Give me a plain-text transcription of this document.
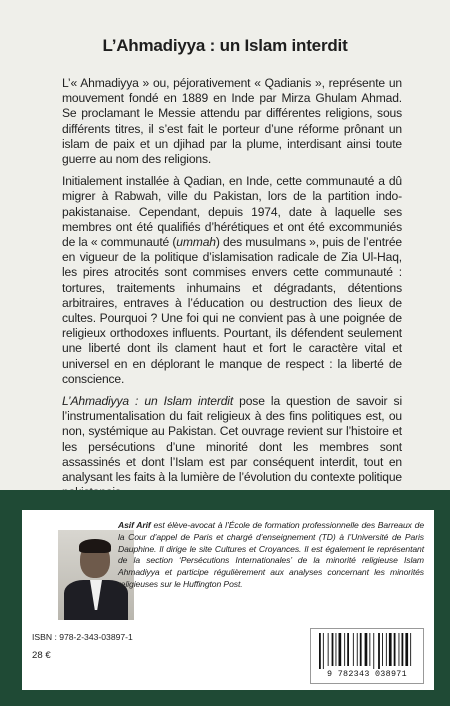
L’Ahmadiyya : un Islam interdit

L’« Ahmadiyya » ou, péjorativement « Qadianis », représente un mouvement fondé en 1889 en Inde par Mirza Ghulam Ahmad. Se proclamant le Messie attendu par différentes religions, sous différents titres, il s’est fait le porteur d’une réforme prônant un islam de paix et un djihad par la plume, interdisant ainsi toute guerre au nom des religions.

Initialement installée à Qadian, en Inde, cette communauté a dû migrer à Rabwah, ville du Pakistan, lors de la partition indo-pakistanaise. Cependant, depuis 1974, date à laquelle ses membres ont été qualifiés d’hérétiques et ont été excommuniés de la « communauté (ummah) des musulmans », puis de l’entrée en vigueur de la politique d’islamisation radicale de Zia Ul-Haq, les pires atrocités sont commises envers cette communauté : tortures, traitements inhumains et dégradants, détentions arbitraires, entraves à l’éducation ou destruction des lieux de cultes. Pourquoi ? Une foi qui ne convient pas à une poignée de religieux orthodoxes influents. Pourtant, ils défendent seulement une liberté dont ils clament haut et fort le caractère vital et universel en en déplorant le manque de respect : la liberté de conscience.

L’Ahmadiyya : un Islam interdit pose la question de savoir si l’instrumentalisation du fait religieux à des fins politiques est, ou non, systémique au Pakistan. Cet ouvrage revient sur l’histoire et les persécutions d’une minorité dont les membres sont assassinés et dont l’Islam est par conséquent interdit, tout en analysant les faits à la lumière de l’évolution du contexte politique

Asif Arif est élève-avocat à l’École de formation professionnelle des Barreaux de la Cour d’appel de Paris et chargé d’enseignement (TD) à l’Université de Paris Dauphine. Il dirige le site Cultures et Croyances. Il est également le représentant de la section ‘Persécutions Internationales’ de la minorité religieuse Islam Ahmadiyya et participe régulièrement aux analyses concernant les minorités religieuses sur le Huffington Post.
ISBN : 978-2-343-03897-1
28 €
9 782343 038971
